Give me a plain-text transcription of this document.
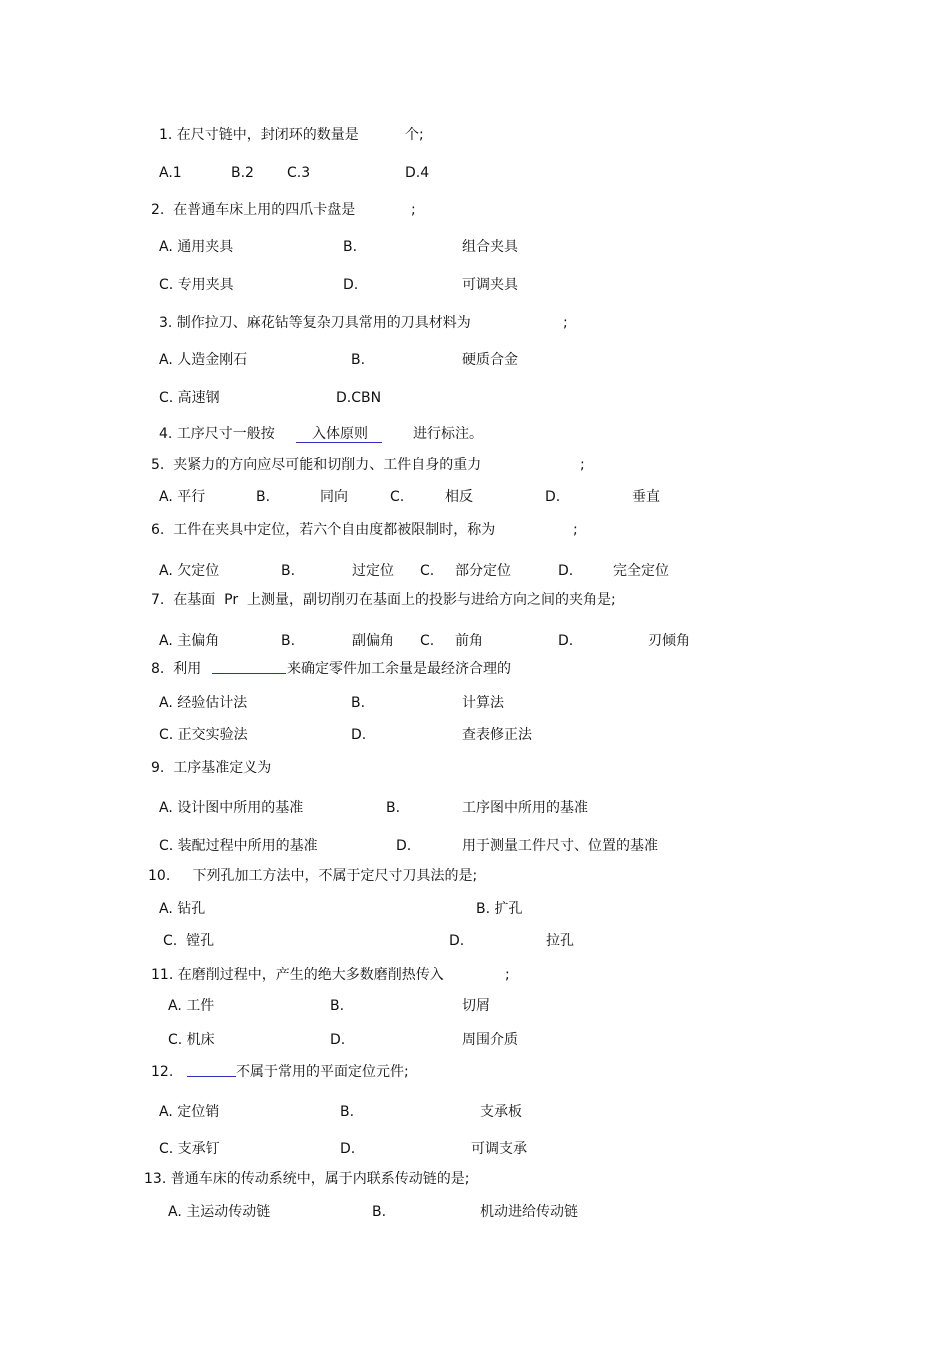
1. 在尺寸链中，封闭环的数量是	个;
A.1	B.2 C.3	D.4
2.  在普通车床上用的四爪卡盘是	;
A. 通用夹具	B.	组合夹具
C. 专用夹具	D.	可调夹具
3. 制作拉刀、麻花钻等复杂刀具常用的刀具材料为	;
A. 人造金刚石	B.	硬质合金
C. 高速钢	D.CBN
4. 工序尺寸一般按	入体原则	进行标注。
5.  夹紧力的方向应尽可能和切削力、工件自身的重力	;
A. 平行	B.	同向	C.	相反	D.	垂直
6.  工件在夹具中定位，若六个自由度都被限制时，称为	;
A. 欠定位	B.	过定位 C. 部分定位	D.	完全定位
7.  在基面  Pr  上测量，副切削刃在基面上的投影与进给方向之间的夹角是;
A. 主偏角	B.	副偏角 C. 前角	D.	刃倾角
8.  利用	来确定零件加工余量是最经济合理的
A. 经验估计法	B.	计算法
C. 正交实验法	D.	查表修正法
9.  工序基准定义为
A. 设计图中所用的基准	B.	工序图中所用的基准
C. 装配过程中所用的基准	D.	用于测量工件尺寸、位置的基准
10.     下列孔加工方法中，不属于定尺寸刀具法的是;
A. 钻孔	B. 扩孔
C.  镗孔	D.	拉孔
11. 在磨削过程中，产生的绝大多数磨削热传入	;
A. 工件	B.	切屑
C. 机床	D.	周围介质
12.	不属于常用的平面定位元件;
A. 定位销	B.	支承板
C. 支承钉	D.	可调支承
13. 普通车床的传动系统中，属于内联系传动链的是;
A. 主运动传动链	B.	机动进给传动链
